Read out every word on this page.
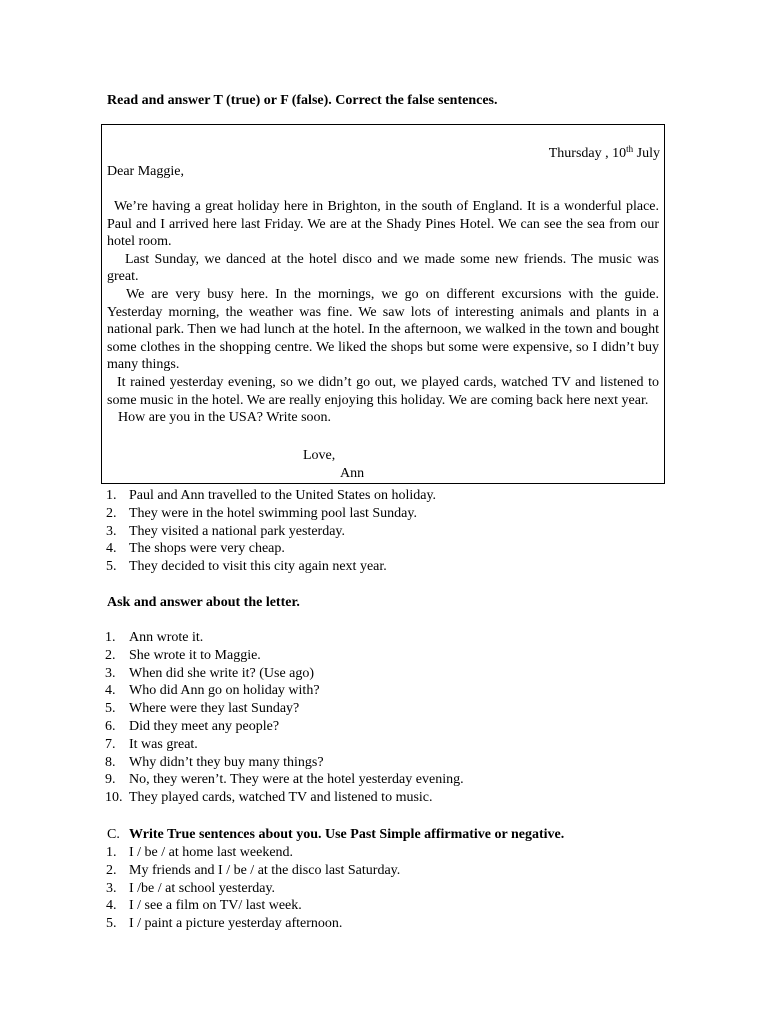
Read and answer T (true) or F (false). Correct the false sentences.
Thursday , 10th July
Dear Maggie,

We’re having a great holiday here in Brighton, in the south of England. It is a wonderful place. Paul and I arrived here last Friday. We are at the Shady Pines Hotel. We can see the sea from our hotel room.

Last Sunday, we danced at the hotel disco and we made some new friends. The music was great.

We are very busy here. In the mornings, we go on different excursions with the guide. Yesterday morning, the weather was fine. We saw lots of interesting animals and plants in a national park. Then we had lunch at the hotel. In the afternoon, we walked in the town and bought some clothes in the shopping centre. We liked the shops but some were expensive, so I didn’t buy many things.

It rained yesterday evening, so we didn’t go out, we played cards, watched TV and listened to some music in the hotel. We are really enjoying this holiday. We are coming back here next year.

How are you in the USA? Write soon.

Love,
Ann
1. Paul and Ann travelled to the United States on holiday.
2. They were in the hotel swimming pool last Sunday.
3. They visited a national park yesterday.
4. The shops were very cheap.
5. They decided to visit this city again next year.
Ask and answer about the letter.
1. Ann wrote it.
2. She wrote it to Maggie.
3. When did she write it? (Use ago)
4. Who did Ann go on holiday with?
5. Where were they last Sunday?
6. Did they meet any people?
7. It was great.
8. Why didn’t they buy many things?
9. No, they weren’t. They were at the hotel yesterday evening.
10. They played cards, watched TV and listened to music.
C. Write True sentences about you. Use Past Simple affirmative or negative.
1. I / be / at home last weekend.
2. My friends and I / be / at the disco last Saturday.
3. I /be / at school yesterday.
4. I / see a film on TV/ last week.
5. I / paint a picture yesterday afternoon.
